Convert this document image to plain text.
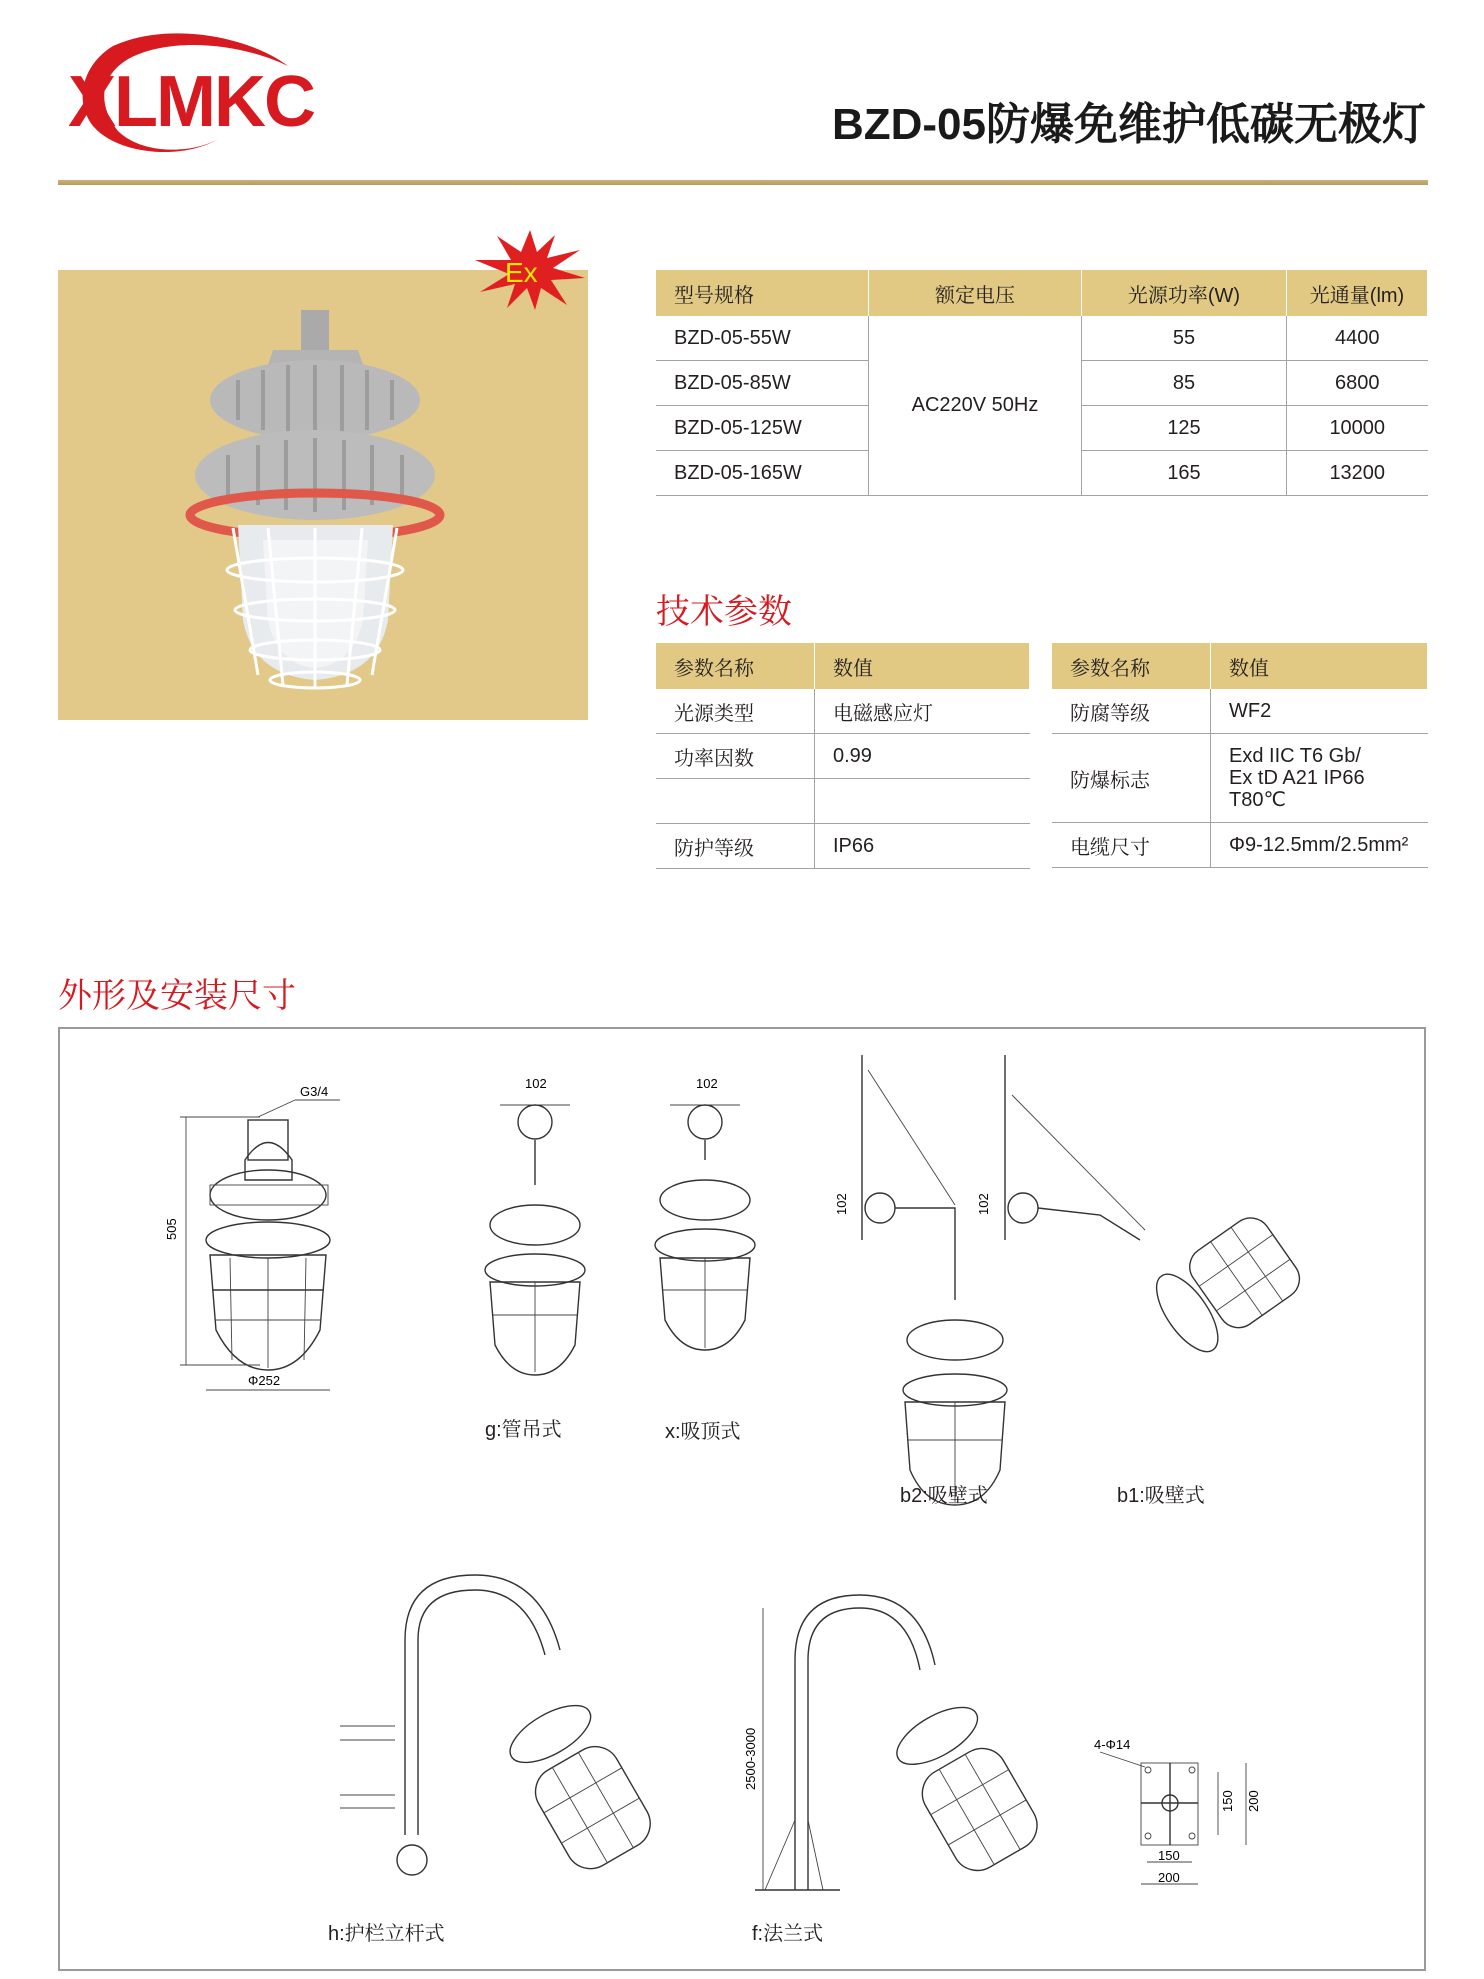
XLMKC	BZD-05防爆免维护低碳无极灯
Ex
型号规格	额定电压	光源功率(W)	光通量(lm)
BZD-05-55W	AC220V 50Hz	55	4400
BZD-05-85W		85	6800
BZD-05-125W		125	10000
BZD-05-165W		165	13200
技术参数
参数名称	数值
光源类型	电磁感应灯
功率因数	0.99

防护等级	IP66
参数名称	数值
防腐等级	WF2
防爆标志	Exd IIC T6 Gb/
Ex tD A21 IP66
T80℃

电缆尺寸	Φ9-12.5mm/2.5mm²
外形及安装尺寸
G3/4
505
Φ252
102	102
102	102
2500-3000	4-Φ14
150
200
150 200
g:管吊式	x:吸顶式
b2:吸壁式	b1:吸壁式
h:护栏立杆式	f:法兰式
